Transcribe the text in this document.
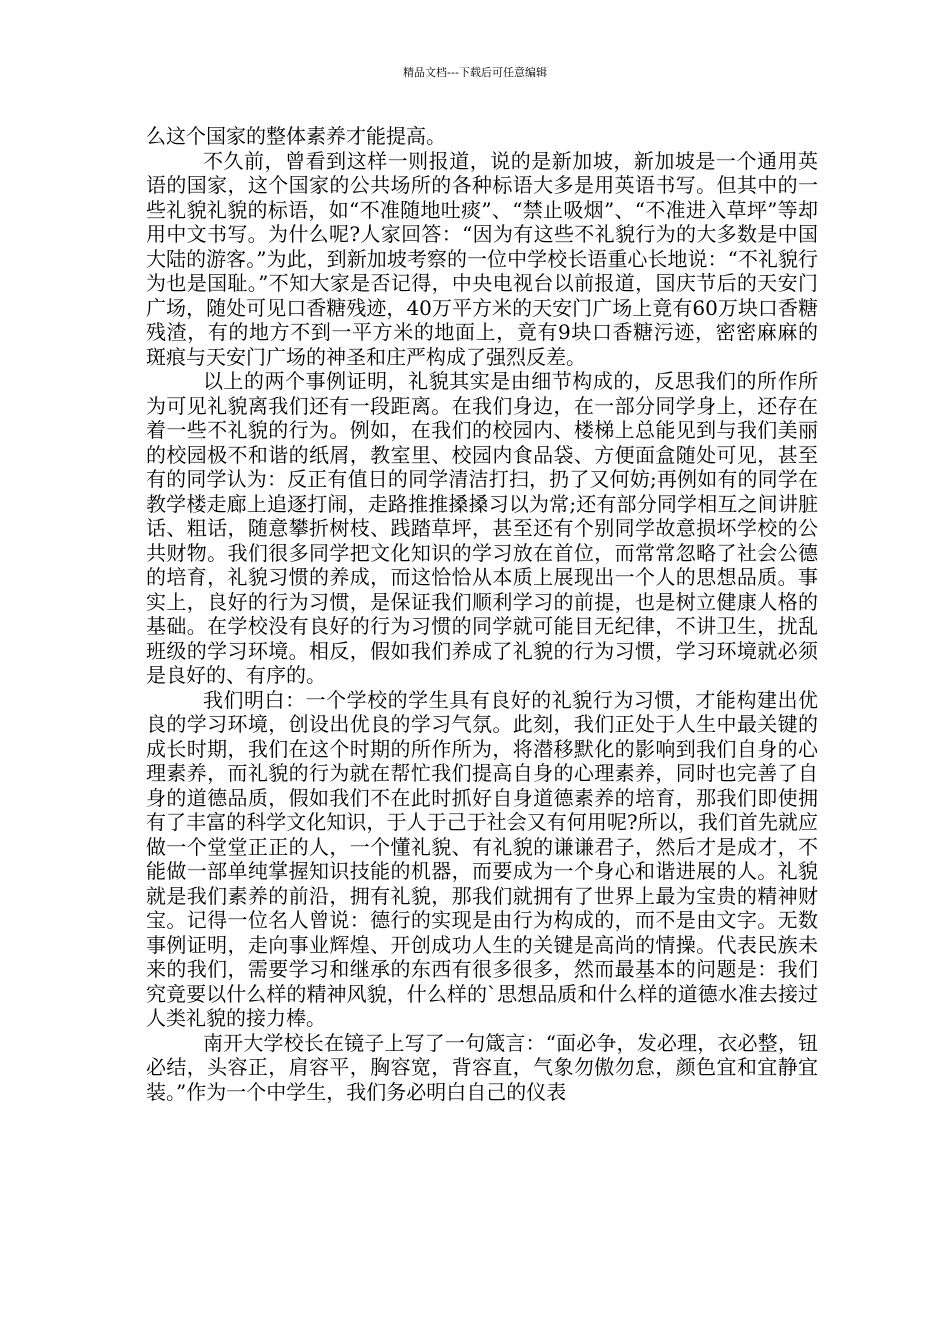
精品文档---下载后可任意编辑

么这个国家的整体素养才能提高。

不久前，曾看到这样一则报道，说的是新加坡，新加坡是一个通用英语的国家，这个国家的公共场所的各种标语大多是用英语书写。但其中的一些礼貌礼貌的标语，如“不准随地吐痰”、“禁止吸烟”、“不准进入草坪”等却用中文书写。为什么呢?人家回答：“因为有这些不礼貌行为的大多数是中国大陆的游客。”为此，到新加坡考察的一位中学校长语重心长地说：“不礼貌行为也是国耻。”不知大家是否记得，中央电视台以前报道，国庆节后的天安门广场，随处可见口香糖残迹，40万平方米的天安门广场上竟有60万块口香糖残渣，有的地方不到一平方米的地面上，竟有9块口香糖污迹，密密麻麻的斑痕与天安门广场的神圣和庄严构成了强烈反差。

以上的两个事例证明，礼貌其实是由细节构成的，反思我们的所作所为可见礼貌离我们还有一段距离。在我们身边，在一部分同学身上，还存在着一些不礼貌的行为。例如，在我们的校园内、楼梯上总能见到与我们美丽的校园极不和谐的纸屑，教室里、校园内食品袋、方便面盒随处可见，甚至有的同学认为：反正有值日的同学清洁打扫，扔了又何妨;再例如有的同学在教学楼走廊上追逐打闹，走路推推搡搡习以为常;还有部分同学相互之间讲脏话、粗话，随意攀折树枝、践踏草坪，甚至还有个别同学故意损坏学校的公共财物。我们很多同学把文化知识的学习放在首位，而常常忽略了社会公德的培育，礼貌习惯的养成，而这恰恰从本质上展现出一个人的思想品质。事实上，良好的行为习惯，是保证我们顺利学习的前提，也是树立健康人格的基础。在学校没有良好的行为习惯的同学就可能目无纪律，不讲卫生，扰乱班级的学习环境。相反，假如我们养成了礼貌的行为习惯，学习环境就必须是良好的、有序的。

我们明白：一个学校的学生具有良好的礼貌行为习惯，才能构建出优良的学习环境，创设出优良的学习气氛。此刻，我们正处于人生中最关键的成长时期，我们在这个时期的所作所为，将潜移默化的影响到我们自身的心理素养，而礼貌的行为就在帮忙我们提高自身的心理素养，同时也完善了自身的道德品质，假如我们不在此时抓好自身道德素养的培育，那我们即使拥有了丰富的科学文化知识，于人于己于社会又有何用呢?所以，我们首先就应做一个堂堂正正的人，一个懂礼貌、有礼貌的谦谦君子，然后才是成才，不能做一部单纯掌握知识技能的机器，而要成为一个身心和谐进展的人。礼貌就是我们素养的前沿，拥有礼貌，那我们就拥有了世界上最为宝贵的精神财宝。记得一位名人曾说：德行的实现是由行为构成的，而不是由文字。无数事例证明，走向事业辉煌、开创成功人生的关键是高尚的情操。代表民族未来的我们，需要学习和继承的东西有很多很多，然而最基本的问题是：我们究竟要以什么样的精神风貌，什么样的`思想品质和什么样的道德水准去接过人类礼貌的接力棒。

南开大学校长在镜子上写了一句箴言：“面必争，发必理，衣必整，钮必结，头容正，肩容平，胸容宽，背容直，气象勿傲勿怠，颜色宜和宜静宜装。”作为一个中学生，我们务必明白自己的仪表
